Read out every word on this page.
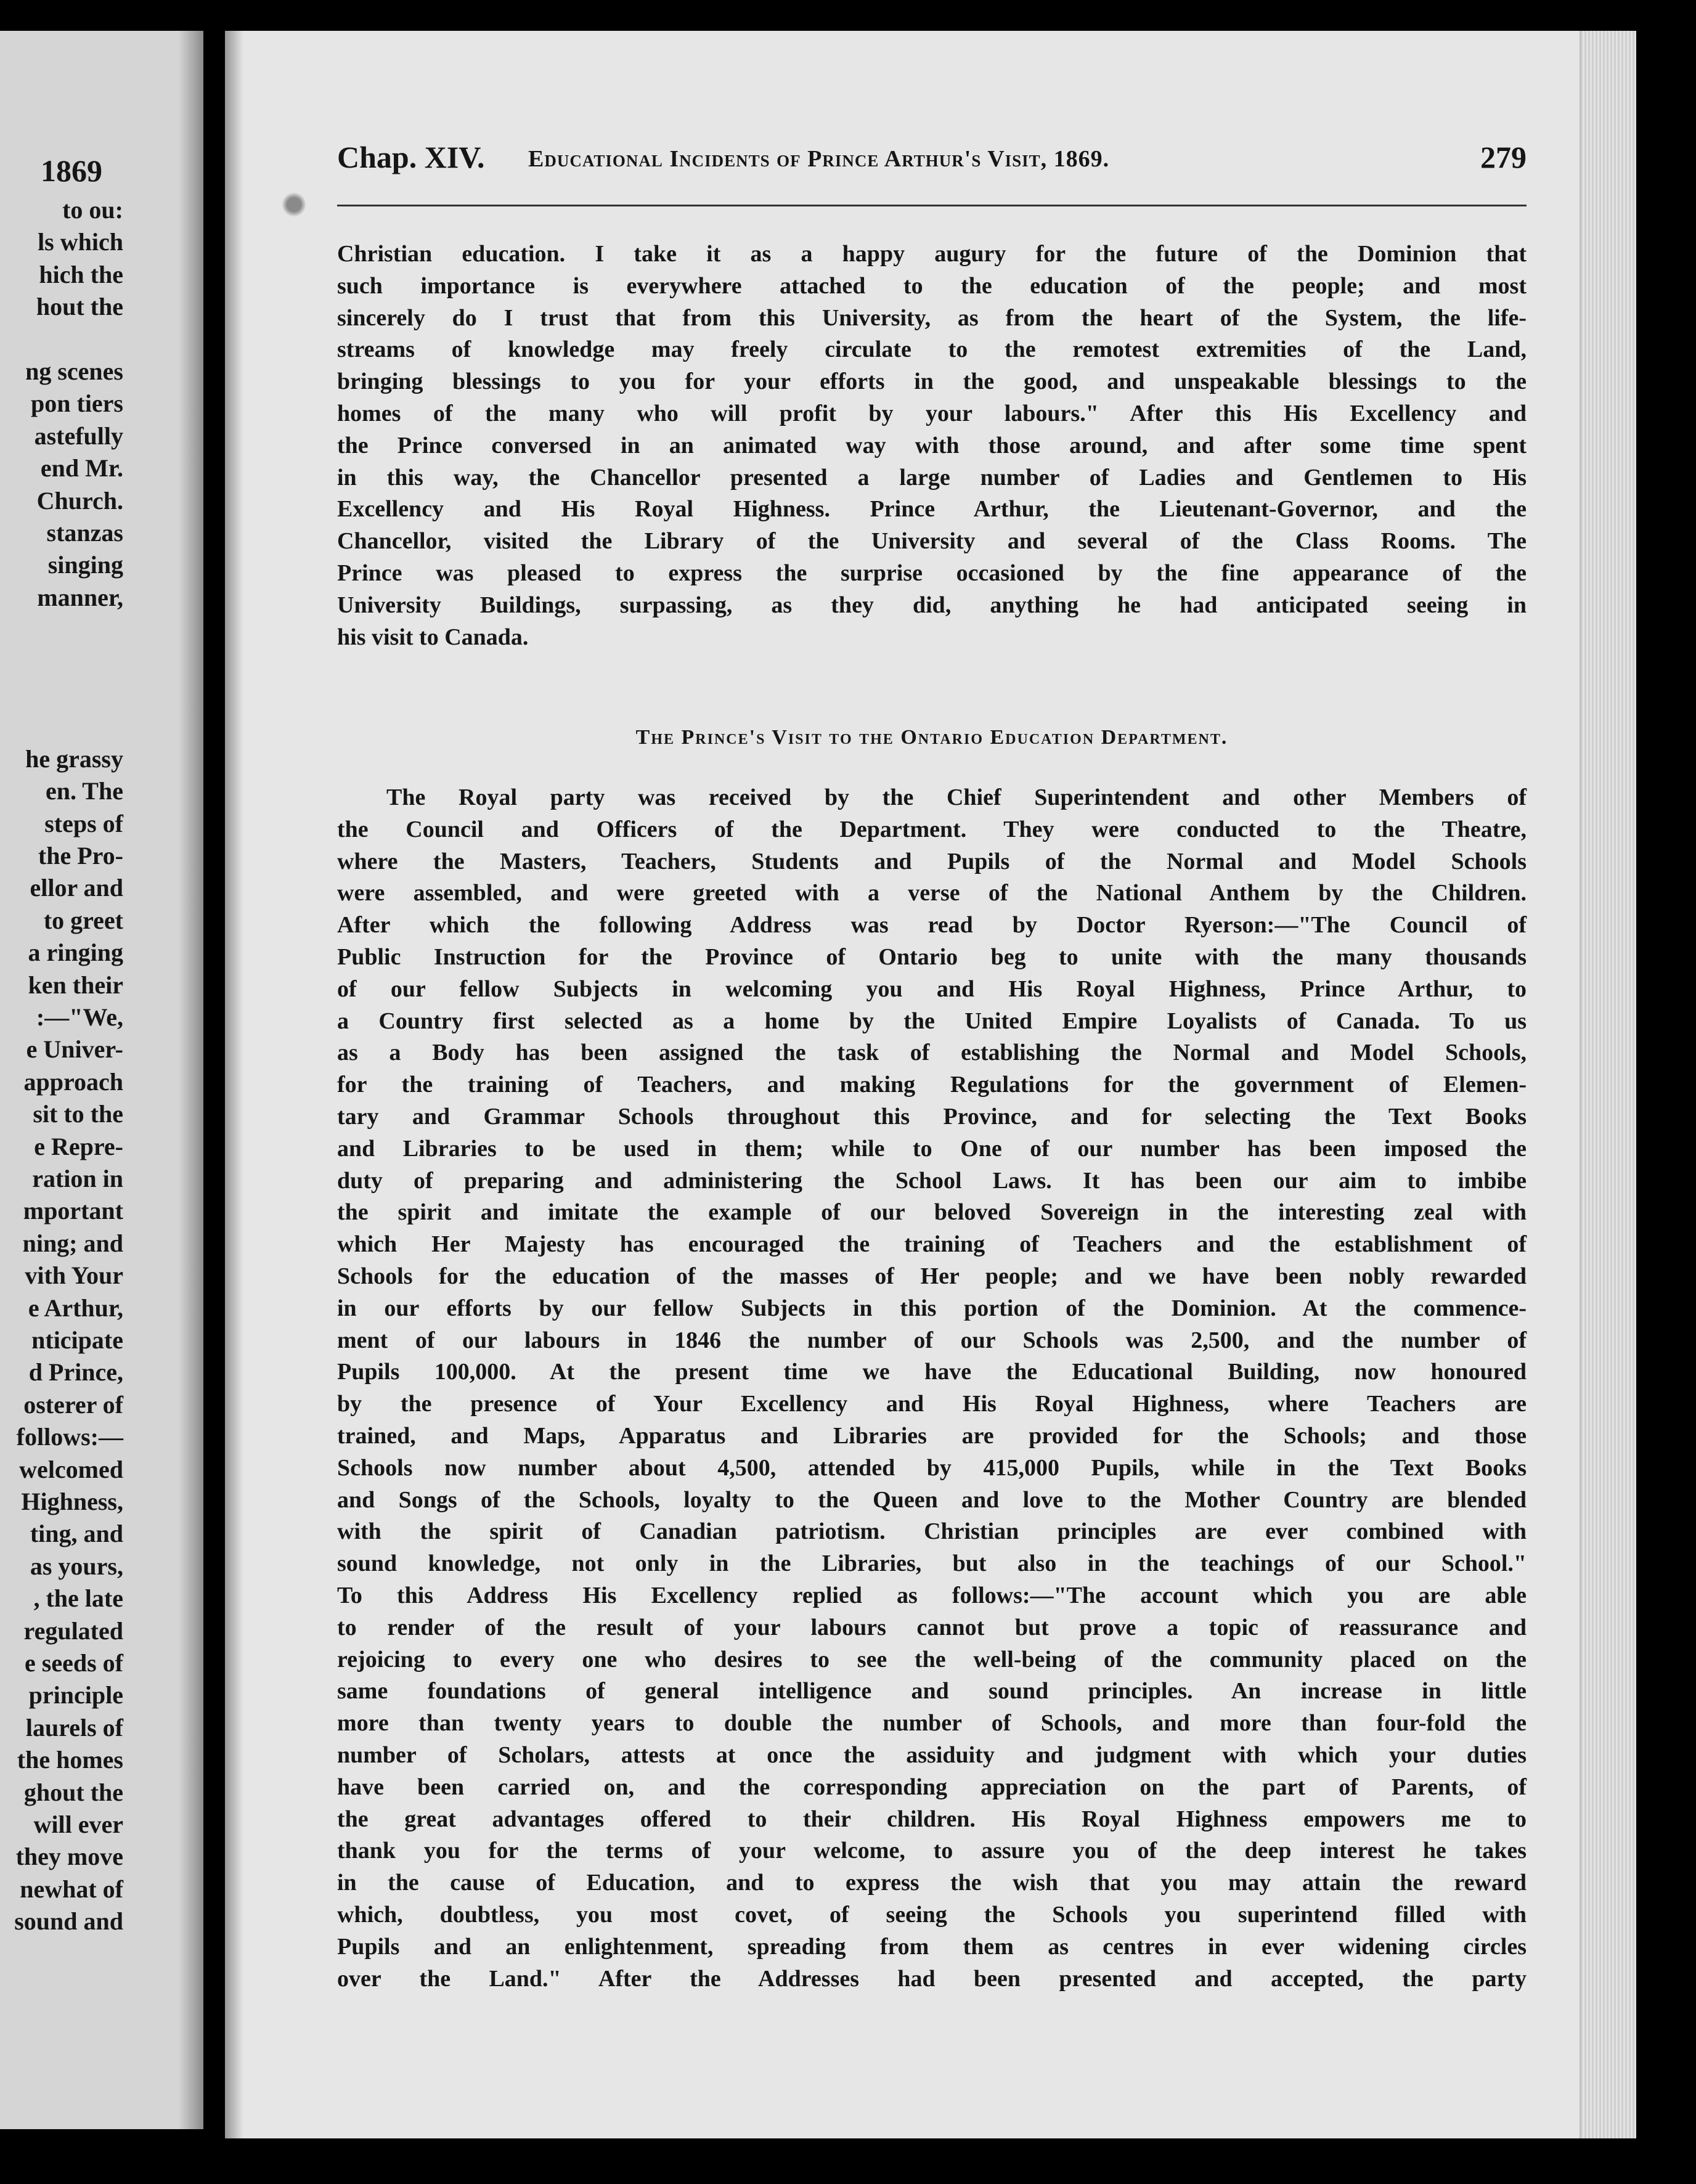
1869
to ou:
ls which
hich the
hout the
ng scenes
pon tiers
astefully
end Mr.
Church.
stanzas
singing
manner,
he grassy
en. The
steps of
the Pro-
ellor and
to greet
a ringing
ken their
:—"We,
e Univer-
approach
sit to the
e Repre-
ration in
mportant
ning; and
vith Your
e Arthur,
nticipate
d Prince,
osterer of
follows:—
welcomed
Highness,
ting, and
as yours,
, the late
regulated
e seeds of
principle
laurels of
the homes
ghout the
will ever
they move
newhat of
sound and
Chap. XIV. Educational Incidents of Prince Arthur's Visit, 1869.	279
Christian education. I take it as a happy augury for the future of the Dominion that
such importance is everywhere attached to the education of the people; and most
sincerely do I trust that from this University, as from the heart of the System, the life-
streams of knowledge may freely circulate to the remotest extremities of the Land,
bringing blessings to you for your efforts in the good, and unspeakable blessings to the
homes of the many who will profit by your labours." After this His Excellency and
the Prince conversed in an animated way with those around, and after some time spent
in this way, the Chancellor presented a large number of Ladies and Gentlemen to His
Excellency and His Royal Highness. Prince Arthur, the Lieutenant-Governor, and the
Chancellor, visited the Library of the University and several of the Class Rooms. The
Prince was pleased to express the surprise occasioned by the fine appearance of the
University Buildings, surpassing, as they did, anything he had anticipated seeing in
his visit to Canada.
The Prince's Visit to the Ontario Education Department.
The Royal party was received by the Chief Superintendent and other Members of
the Council and Officers of the Department. They were conducted to the Theatre,
where the Masters, Teachers, Students and Pupils of the Normal and Model Schools
were assembled, and were greeted with a verse of the National Anthem by the Children.
After which the following Address was read by Doctor Ryerson:—"The Council of
Public Instruction for the Province of Ontario beg to unite with the many thousands
of our fellow Subjects in welcoming you and His Royal Highness, Prince Arthur, to
a Country first selected as a home by the United Empire Loyalists of Canada. To us
as a Body has been assigned the task of establishing the Normal and Model Schools,
for the training of Teachers, and making Regulations for the government of Elemen-
tary and Grammar Schools throughout this Province, and for selecting the Text Books
and Libraries to be used in them; while to One of our number has been imposed the
duty of preparing and administering the School Laws. It has been our aim to imbibe
the spirit and imitate the example of our beloved Sovereign in the interesting zeal with
which Her Majesty has encouraged the training of Teachers and the establishment of
Schools for the education of the masses of Her people; and we have been nobly rewarded
in our efforts by our fellow Subjects in this portion of the Dominion. At the commence-
ment of our labours in 1846 the number of our Schools was 2,500, and the number of
Pupils 100,000. At the present time we have the Educational Building, now honoured
by the presence of Your Excellency and His Royal Highness, where Teachers are
trained, and Maps, Apparatus and Libraries are provided for the Schools; and those
Schools now number about 4,500, attended by 415,000 Pupils, while in the Text Books
and Songs of the Schools, loyalty to the Queen and love to the Mother Country are blended
with the spirit of Canadian patriotism. Christian principles are ever combined with
sound knowledge, not only in the Libraries, but also in the teachings of our School."
To this Address His Excellency replied as follows:—"The account which you are able
to render of the result of your labours cannot but prove a topic of reassurance and
rejoicing to every one who desires to see the well-being of the community placed on the
same foundations of general intelligence and sound principles. An increase in little
more than twenty years to double the number of Schools, and more than four-fold the
number of Scholars, attests at once the assiduity and judgment with which your duties
have been carried on, and the corresponding appreciation on the part of Parents, of
the great advantages offered to their children. His Royal Highness empowers me to
thank you for the terms of your welcome, to assure you of the deep interest he takes
in the cause of Education, and to express the wish that you may attain the reward
which, doubtless, you most covet, of seeing the Schools you superintend filled with
Pupils and an enlightenment, spreading from them as centres in ever widening circles
over the Land." After the Addresses had been presented and accepted, the party
